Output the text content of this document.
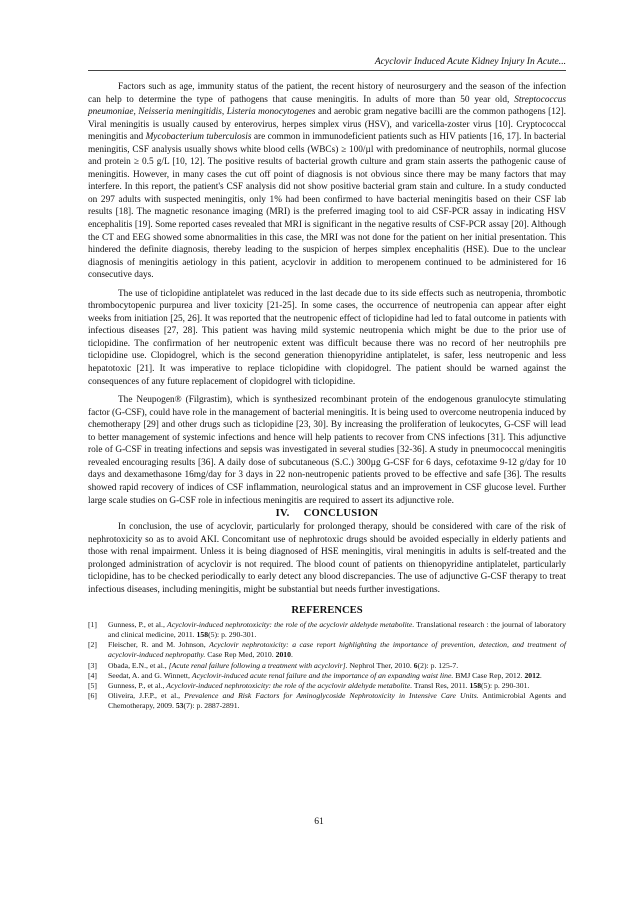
Acyclovir Induced Acute Kidney Injury In Acute...

Factors such as age, immunity status of the patient, the recent history of neurosurgery and the season of the infection can help to determine the type of pathogens that cause meningitis. In adults of more than 50 year old, Streptococcus pneumoniae, Neisseria meningitidis, Listeria monocytogenes and aerobic gram negative bacilli are the common pathogens [12]. Viral meningitis is usually caused by enterovirus, herpes simplex virus (HSV), and varicella-zoster virus [10]. Cryptococcal meningitis and Mycobacterium tuberculosis are common in immunodeficient patients such as HIV patients [16, 17]. In bacterial meningitis, CSF analysis usually shows white blood cells (WBCs) ≥ 100/µl with predominance of neutrophils, normal glucose and protein ≥ 0.5 g/L [10, 12]. The positive results of bacterial growth culture and gram stain asserts the pathogenic cause of meningitis. However, in many cases the cut off point of diagnosis is not obvious since there may be many factors that may interfere. In this report, the patient's CSF analysis did not show positive bacterial gram stain and culture. In a study conducted on 297 adults with suspected meningitis, only 1% had been confirmed to have bacterial meningitis based on their CSF lab results [18]. The magnetic resonance imaging (MRI) is the preferred imaging tool to aid CSF-PCR assay in indicating HSV encephalitis [19]. Some reported cases revealed that MRI is significant in the negative results of CSF-PCR assay [20]. Although the CT and EEG showed some abnormalities in this case, the MRI was not done for the patient on her initial presentation. This hindered the definite diagnosis, thereby leading to the suspicion of herpes simplex encephalitis (HSE). Due to the unclear diagnosis of meningitis aetiology in this patient, acyclovir in addition to meropenem continued to be administered for 16 consecutive days.

The use of ticlopidine antiplatelet was reduced in the last decade due to its side effects such as neutropenia, thrombotic thrombocytopenic purpurea and liver toxicity [21-25]. In some cases, the occurrence of neutropenia can appear after eight weeks from initiation [25, 26]. It was reported that the neutropenic effect of ticlopidine had led to fatal outcome in patients with infectious diseases [27, 28]. This patient was having mild systemic neutropenia which might be due to the prior use of ticlopidine. The confirmation of her neutropenic extent was difficult because there was no record of her neutrophils pre ticlopidine use. Clopidogrel, which is the second generation thienopyridine antiplatelet, is safer, less neutropenic and less hepatotoxic [21]. It was imperative to replace ticlopidine with clopidogrel. The patient should be warned against the consequences of any future replacement of clopidogrel with ticlopidine.

The Neupogen® (Filgrastim), which is synthesized recombinant protein of the endogenous granulocyte stimulating factor (G-CSF), could have role in the management of bacterial meningitis. It is being used to overcome neutropenia induced by chemotherapy [29] and other drugs such as ticlopidine [23, 30]. By increasing the proliferation of leukocytes, G-CSF will lead to better management of systemic infections and hence will help patients to recover from CNS infections [31]. This adjunctive role of G-CSF in treating infections and sepsis was investigated in several studies [32-36]. A study in pneumococcal meningitis revealed encouraging results [36]. A daily dose of subcutaneous (S.C.) 300µg G-CSF for 6 days, cefotaxime 9-12 g/day for 10 days and dexamethasone 16mg/day for 3 days in 22 non-neutropenic patients proved to be effective and safe [36]. The results showed rapid recovery of indices of CSF inflammation, neurological status and an improvement in CSF glucose level. Further large scale studies on G-CSF role in infectious meningitis are required to assert its adjunctive role.

IV. CONCLUSION

In conclusion, the use of acyclovir, particularly for prolonged therapy, should be considered with care of the risk of nephrotoxicity so as to avoid AKI. Concomitant use of nephrotoxic drugs should be avoided especially in elderly patients and those with renal impairment. Unless it is being diagnosed of HSE meningitis, viral meningitis in adults is self-treated and the prolonged administration of acyclovir is not required. The blood count of patients on thienopyridine antiplatelet, particularly ticlopidine, has to be checked periodically to early detect any blood discrepancies. The use of adjunctive G-CSF therapy to treat infectious diseases, including meningitis, might be substantial but needs further investigations.

REFERENCES
[1] Gunness, P., et al., Acyclovir-induced nephrotoxicity: the role of the acyclovir aldehyde metabolite. Translational research : the journal of laboratory and clinical medicine, 2011. 158(5): p. 290-301.
[2] Fleischer, R. and M. Johnson, Acyclovir nephrotoxicity: a case report highlighting the importance of prevention, detection, and treatment of acyclovir-induced nephropathy. Case Rep Med, 2010. 2010.
[3] Obada, E.N., et al., [Acute renal failure following a treatment with acyclovir]. Nephrol Ther, 2010. 6(2): p. 125-7.
[4] Seedat, A. and G. Winnett, Acyclovir-induced acute renal failure and the importance of an expanding waist line. BMJ Case Rep, 2012. 2012.
[5] Gunness, P., et al., Acyclovir-induced nephrotoxicity: the role of the acyclovir aldehyde metabolite. Transl Res, 2011. 158(5): p. 290-301.
[6] Oliveira, J.F.P., et al., Prevalence and Risk Factors for Aminoglycoside Nephrotoxicity in Intensive Care Units. Antimicrobial Agents and Chemotherapy, 2009. 53(7): p. 2887-2891.
61
